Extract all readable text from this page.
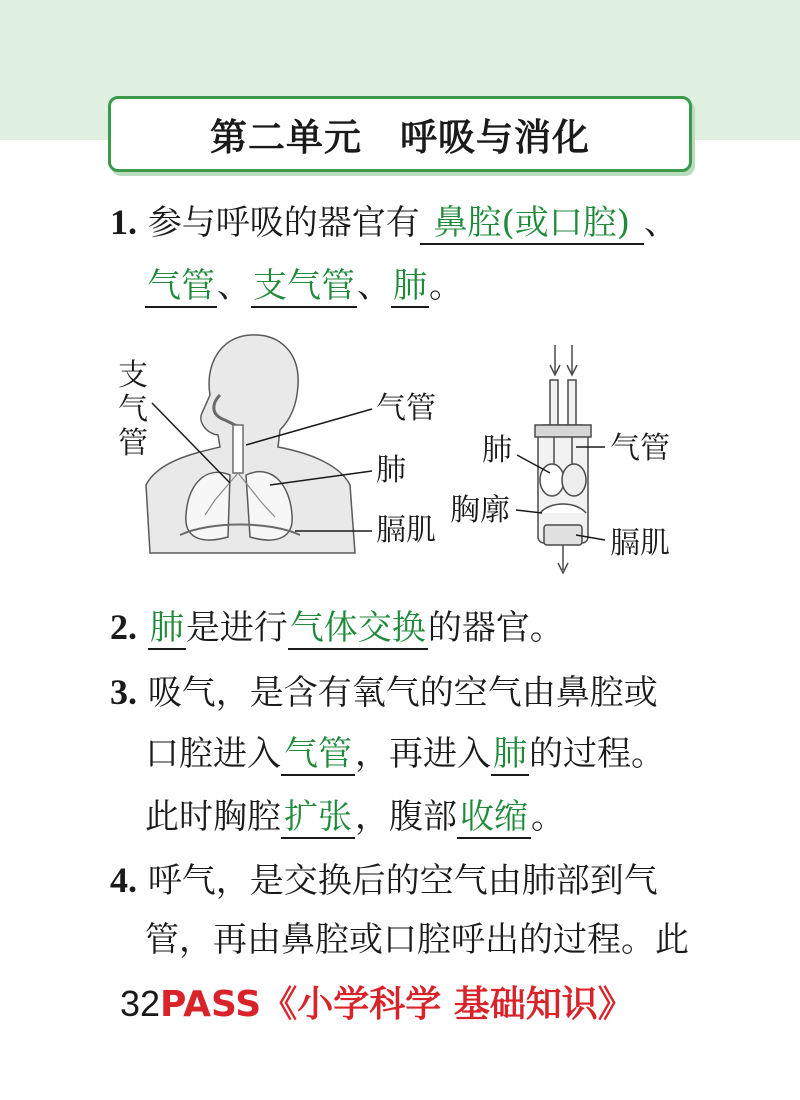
第二单元　呼吸与消化
1. 参与呼吸的器官有 鼻腔(或口腔) 、
气管、支气管、肺。
支气管
气管
肺
膈肌
肺	气管
胸廓
膈肌
2. 肺是进行气体交换的器官。
3. 吸气，是含有氧气的空气由鼻腔或
口腔进入气管，再进入肺的过程。
此时胸腔扩张，腹部收缩。
4. 呼气，是交换后的空气由肺部到气
管，再由鼻腔或口腔呼出的过程。此
32 PASS《小学科学 基础知识》
